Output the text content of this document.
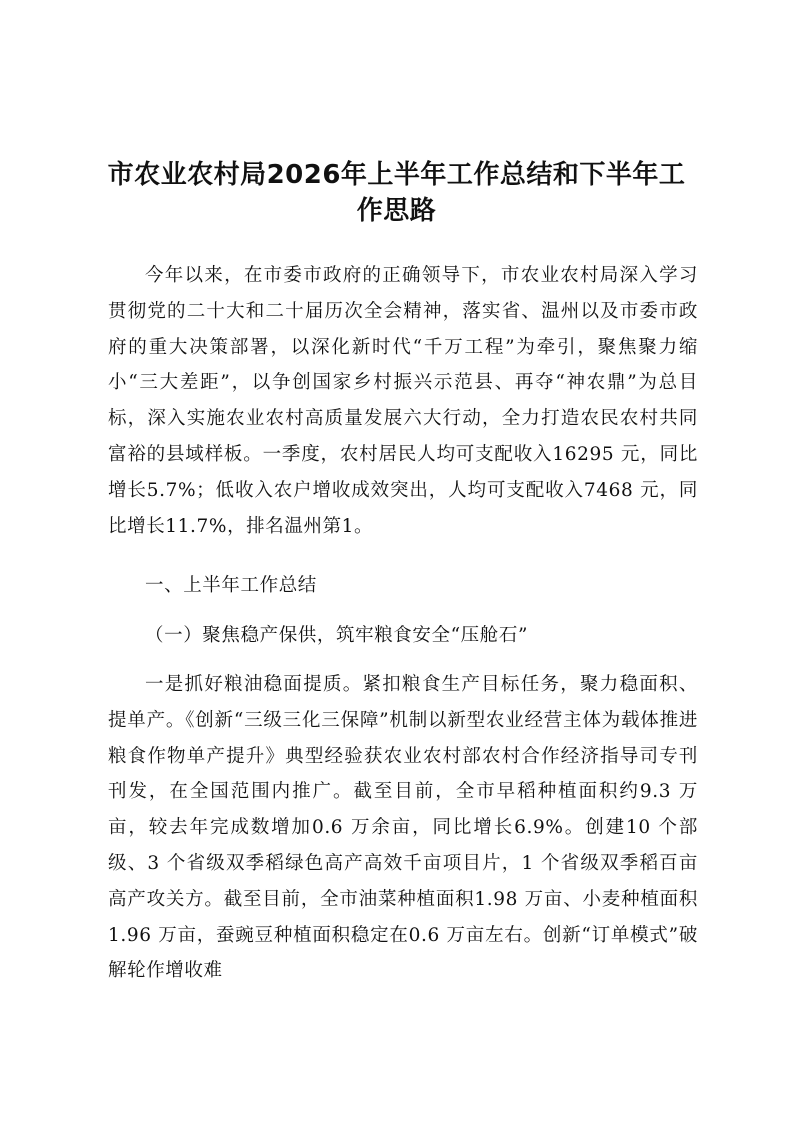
市农业农村局2026年上半年工作总结和下半年工作思路

今年以来，在市委市政府的正确领导下，市农业农村局深入学习贯彻党的二十大和二十届历次全会精神，落实省、温州以及市委市政府的重大决策部署，以深化新时代“千万工程”为牵引，聚焦聚力缩小“三大差距”，以争创国家乡村振兴示范县、再夺“神农鼎”为总目标，深入实施农业农村高质量发展六大行动，全力打造农民农村共同富裕的县域样板。一季度，农村居民人均可支配收入16295 元，同比增长5.7%；低收入农户增收成效突出，人均可支配收入7468 元，同比增长11.7%，排名温州第1。

一、上半年工作总结

（一）聚焦稳产保供，筑牢粮食安全“压舱石”

一是抓好粮油稳面提质。紧扣粮食生产目标任务，聚力稳面积、提单产。《创新“三级三化三保障”机制以新型农业经营主体为载体推进粮食作物单产提升》典型经验获农业农村部农村合作经济指导司专刊刊发，在全国范围内推广。截至目前，全市早稻种植面积约9.3 万亩，较去年完成数增加0.6 万余亩，同比增长6.9%。创建10 个部级、3 个省级双季稻绿色高产高效千亩项目片，1 个省级双季稻百亩高产攻关方。截至目前，全市油菜种植面积1.98 万亩、小麦种植面积1.96 万亩，蚕豌豆种植面积稳定在0.6 万亩左右。创新“订单模式”破解轮作增收难
